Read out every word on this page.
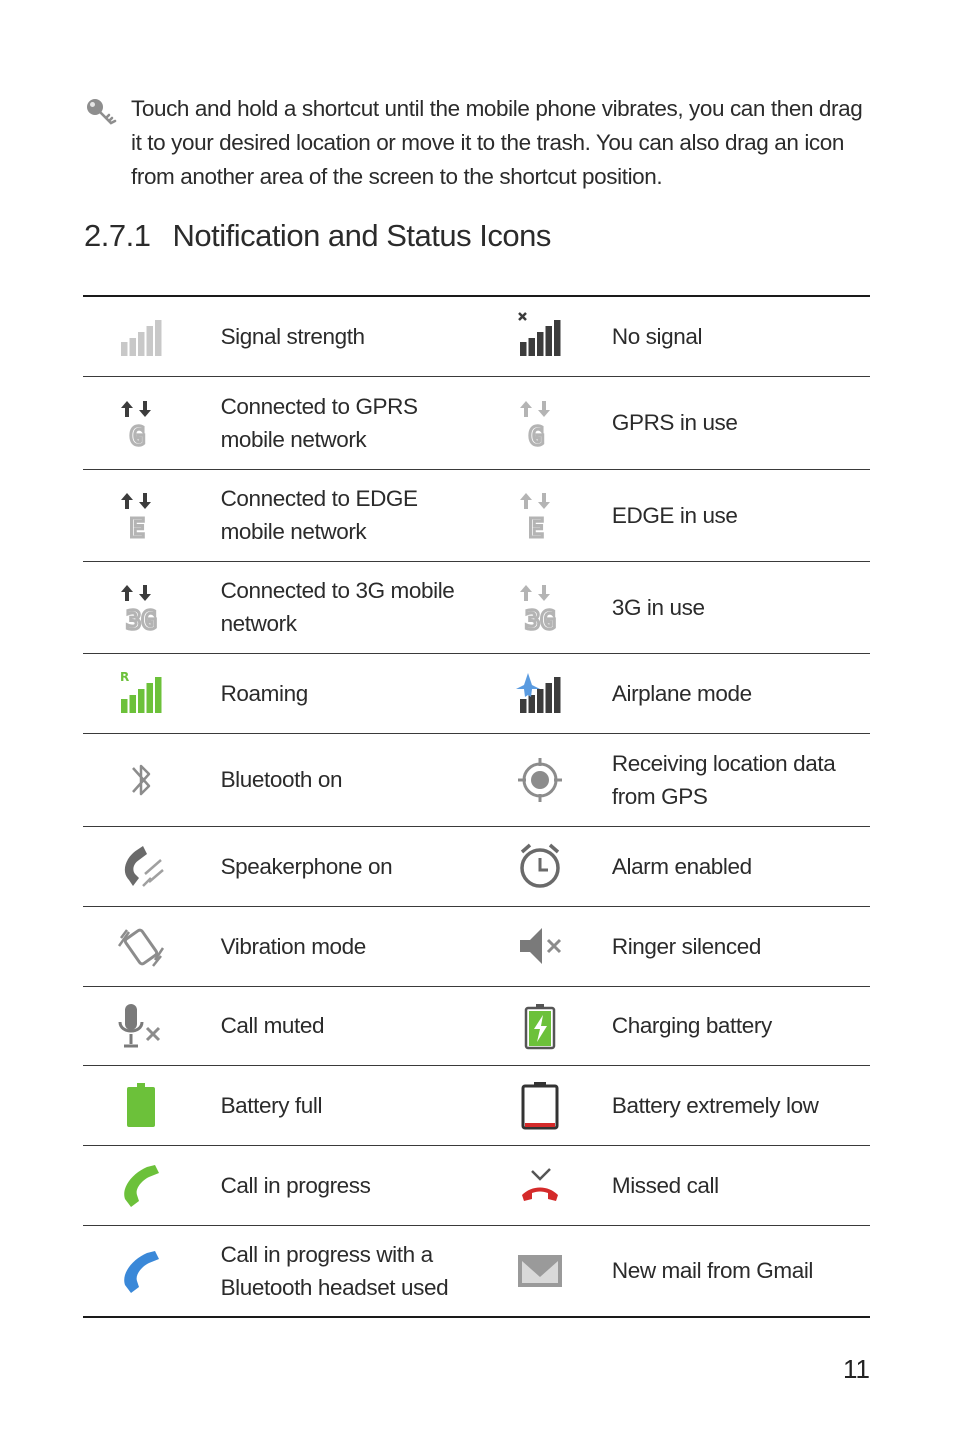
Touch and hold a shortcut until the mobile phone vibrates, you can then drag it to your desired location or move it to the trash. You can also drag an icon from another area of the screen to the shortcut position.
2.7.1 Notification and Status Icons
	Signal strength		No signal

G	Connected to GPRS mobile network	G	GPRS in use

E	Connected to EDGE mobile network	E	EDGE in use

3G	Connected to 3G mobile network	3G	3G in use

R	Roaming		Airplane mode

	Bluetooth on		Receiving location data from GPS

	Speakerphone on		Alarm enabled

	Vibration mode		Ringer silenced

	Call muted		Charging battery

	Battery full		Battery extremely low

	Call in progress		Missed call

	Call in progress with a Bluetooth headset used		New mail from Gmail
11
